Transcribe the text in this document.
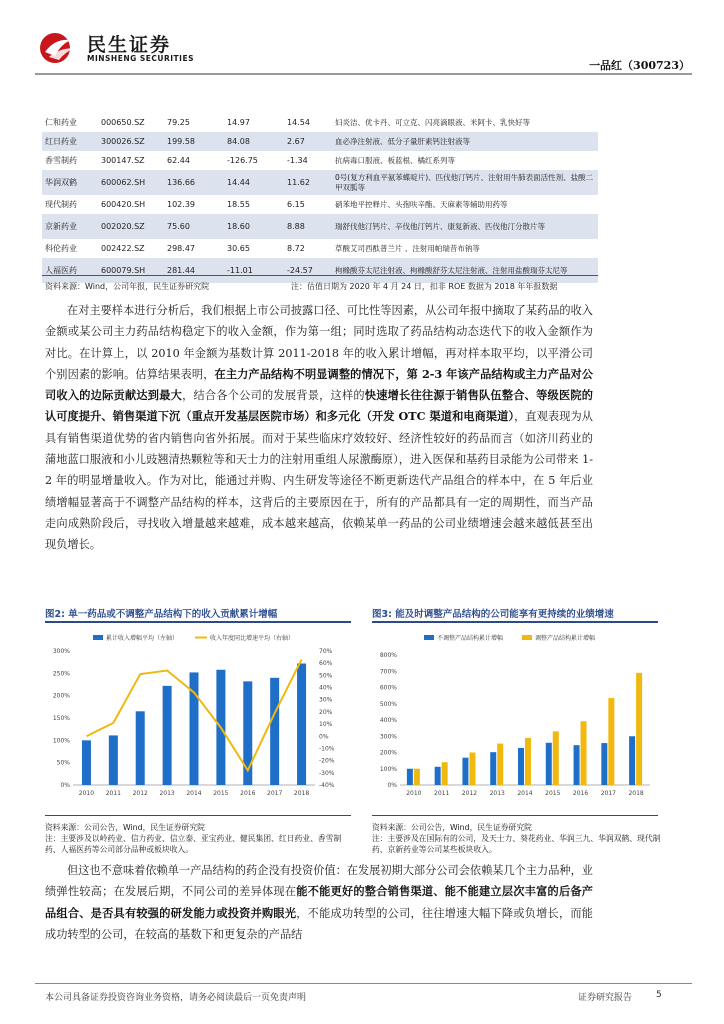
民生证券
MINSHENG SECURITIES
一品红（300723）
仁和药业	000650.SZ	79.25	14.97	14.54	妇炎洁、优卡丹、可立克、闪亮滴眼液、米阿卡、乳快好等
红日药业	300026.SZ	199.58	84.08	2.67	血必净注射液、低分子量肝素钙注射液等
香雪制药	300147.SZ	62.44	-126.75	-1.34	抗病毒口服液、板蓝根、橘红系列等
华润双鹤	600062.SH	136.66	14.44	11.62	0号(复方利血平氨苯蝶啶片)、匹伐他汀钙片、注射用牛肺表面活性剂、盐酸二甲双胍等
现代制药	600420.SH	102.39	18.55	6.15	硝苯地平控释片、头孢呋辛酯、天麻素等辅助用药等
京新药业	002020.SZ	75.60	18.60	8.88	瑞舒伐他汀钙片、辛伐他汀钙片、康复新液、匹伐他汀分散片等
科伦药业	002422.SZ	298.47	30.65	8.72	草酸艾司西酞普兰片 、注射用帕瑞昔布钠等
人福医药	600079.SH	281.44	-11.01	-24.57	枸橼酸芬太尼注射液、枸橼酸舒芬太尼注射液、注射用盐酸瑞芬太尼等
资料来源：Wind，公司年报，民生证券研究院	注：估值日期为 2020 年 4 月 24 日，扣非 ROE 数据为 2018 年年报数据
在对主要样本进行分析后，我们根据上市公司披露口径、可比性等因素，从公司年报中摘取了某药品的收入金额或某公司主力药品结构稳定下的收入金额，作为第一组；同时选取了药品结构动态迭代下的收入金额作为对比。在计算上，以 2010 年金额为基数计算 2011-2018 年的收入累计增幅，再对样本取平均，以平滑公司个别因素的影响。估算结果表明，在主力产品结构不明显调整的情况下，第 2-3 年该产品结构或主力产品对公司收入的边际贡献达到最大，结合各个公司的发展背景，这样的快速增长往往源于销售队伍整合、等级医院的认可度提升、销售渠道下沉（重点开发基层医院市场）和多元化（开发 OTC 渠道和电商渠道），直观表现为从具有销售渠道优势的省内销售向省外拓展。而对于某些临床疗效较好、经济性较好的药品而言（如济川药业的蒲地蓝口服液和小儿豉翘清热颗粒等和天士力的注射用重组人尿激酶原），进入医保和基药目录能为公司带来 1-2 年的明显增量收入。作为对比，能通过并购、内生研发等途径不断更新迭代产品组合的样本中，在 5 年后业绩增幅显著高于不调整产品结构的样本，这背后的主要原因在于，所有的产品都具有一定的周期性，而当产品走向成熟阶段后，寻找收入增量越来越难，成本越来越高，依赖某单一药品的公司业绩增速会越来越低甚至出现负增长。
图2: 单一药品或不调整产品结构下的收入贡献累计增幅
累计收入增幅平均（左轴）	收入年度同比增速平均（右轴）
0%
50%
100%
150%
200%
250%
300%
-40%
-30%
-20%
-10%
0%
10%
20%
30%
40%
50%
60%
70%
2010 2011 2012 2013 2014 2015 2016 2017 2018
资料来源：公司公告，Wind，民生证券研究院
注：主要涉及以岭药业、信力药业、信立泰、亚宝药业、健民集团、红日药业、香雪制药、人福医药等公司部分品种或板块收入。
图3: 能及时调整产品结构的公司能享有更持续的业绩增速
不调整产品结构累计增幅	调整产品结构累计增幅
0%
100%
200%
300%
400%
500%
600%
700%
800%
2010 2011 2012 2013 2014 2015 2016 2017 2018
资料来源：公司公告，Wind，民生证券研究院
注：主要涉及在国际有的公司，及天士力、葵花药业、华润三九、华润双鹤、现代制药、京新药业等公司某些板块收入。
但这也不意味着依赖单一产品结构的药企没有投资价值：在发展初期大部分公司会依赖某几个主力品种，业绩弹性较高；在发展后期，不同公司的差异体现在能不能更好的整合销售渠道、能不能建立层次丰富的后备产品组合、是否具有较强的研发能力或投资并购眼光，不能成功转型的公司，往往增速大幅下降或负增长，而能成功转型的公司，在较高的基数下和更复杂的产品结
本公司具备证券投资咨询业务资格，请务必阅读最后一页免责声明	证券研究报告	5
